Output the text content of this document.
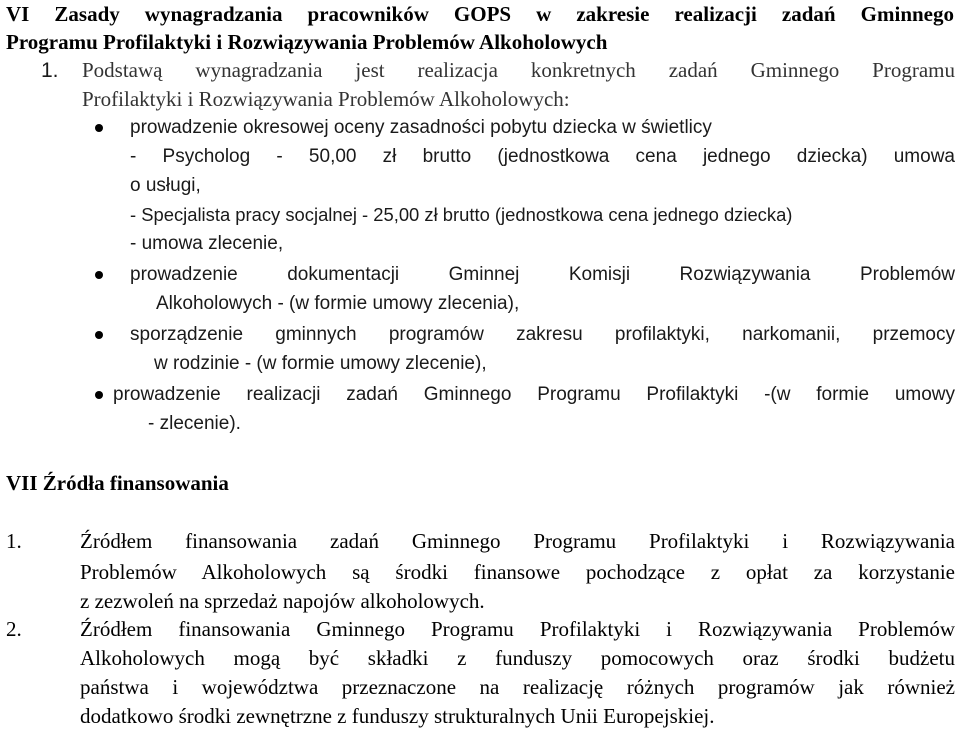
VI Zasady wynagradzania pracowników GOPS w zakresie realizacji zadań Gminnego
Programu Profilaktyki i Rozwiązywania Problemów Alkoholowych
1. Podstawą wynagradzania jest realizacja konkretnych zadań Gminnego Programu
Profilaktyki i Rozwiązywania Problemów Alkoholowych:
prowadzenie okresowej oceny zasadności pobytu dziecka w świetlicy
- Psycholog - 50,00 zł brutto (jednostkowa cena jednego dziecka) umowa
o usługi,
- Specjalista pracy socjalnej - 25,00 zł brutto (jednostkowa cena jednego dziecka)
- umowa zlecenie,
prowadzenie dokumentacji Gminnej Komisji Rozwiązywania Problemów
Alkoholowych - (w formie umowy zlecenia),
sporządzenie gminnych programów zakresu profilaktyki, narkomanii, przemocy
w rodzinie - (w formie umowy zlecenie),
prowadzenie realizacji zadań Gminnego Programu Profilaktyki -(w formie umowy
- zlecenie).
VII Źródła finansowania
1.	Źródłem finansowania zadań Gminnego Programu Profilaktyki i Rozwiązywania
Problemów Alkoholowych są środki finansowe pochodzące z opłat za korzystanie
z zezwoleń na sprzedaż napojów alkoholowych.
2.	Źródłem finansowania Gminnego Programu Profilaktyki i Rozwiązywania Problemów
Alkoholowych mogą być składki z funduszy pomocowych oraz środki budżetu
państwa i województwa przeznaczone na realizację różnych programów jak również
dodatkowo środki zewnętrzne z funduszy strukturalnych Unii Europejskiej.
